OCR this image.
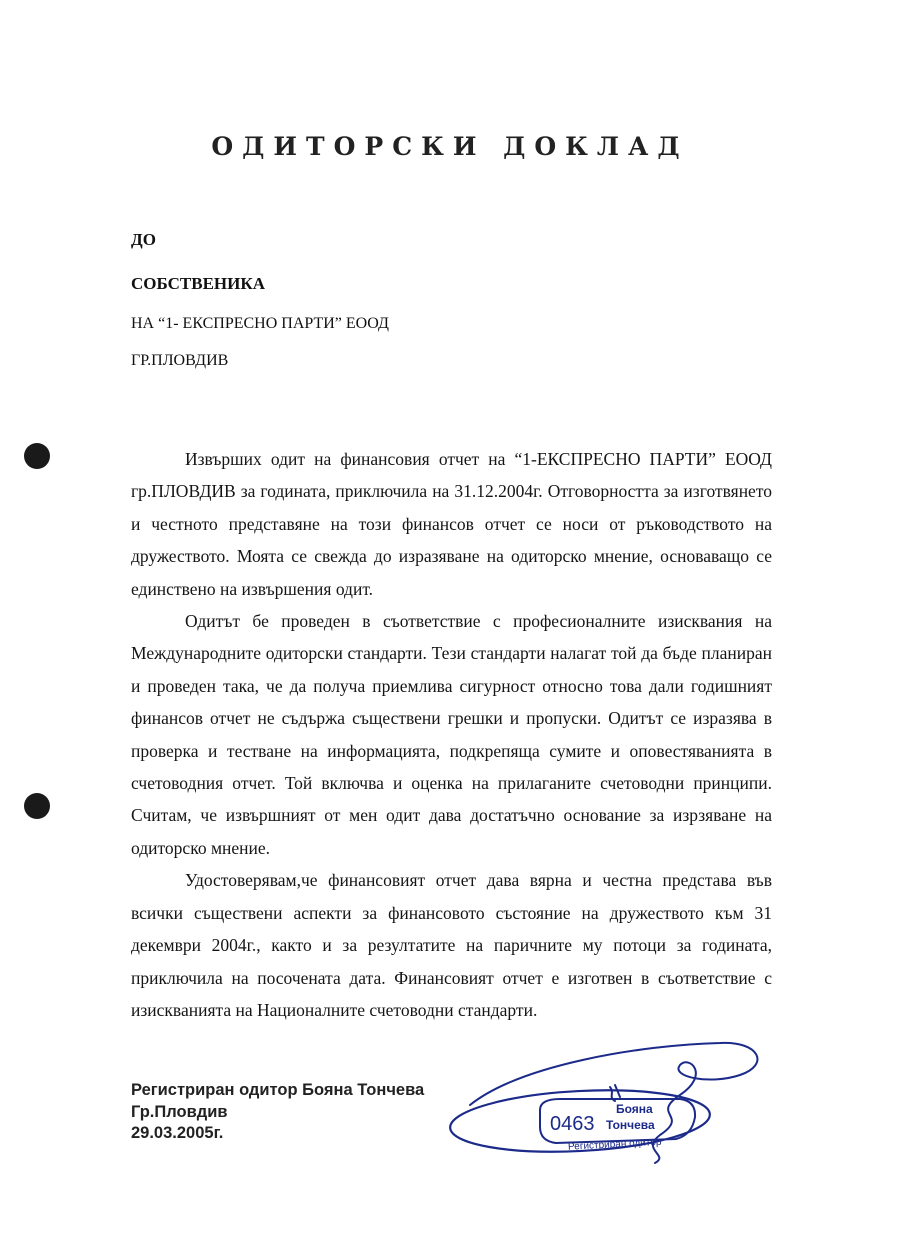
ОДИТОРСКИ ДОКЛАД
ДО
СОБСТВЕНИКА
НА “1- ЕКСПРЕСНО ПАРТИ” ЕООД
ГР.ПЛОВДИВ

Извърших одит на финансовия отчет на “1-ЕКСПРЕСНО ПАРТИ” ЕООД гр.ПЛОВДИВ за годината, приключила на 31.12.2004г. Отговорността за изготвянето и честното представяне на този финансов отчет се носи от ръководството на дружеството. Моята се свежда до изразяване на одиторско мнение, основаващо се единствено на извършения одит.

Одитът бе проведен в съответствие с професионалните изисквания на Международните одиторски стандарти. Тези стандарти налагат той да бъде планиран и проведен така, че да получа приемлива сигурност относно това дали годишният финансов отчет не съдържа съществени грешки и пропуски. Одитът се изразява в проверка и тестване на информацията, подкрепяща сумите и оповестяванията в счетоводния отчет. Той включва и оценка на прилаганите счетоводни принципи. Считам, че извършният от мен одит дава достатъчно основание за изрзяване на одиторско мнение.

Удостоверявам,че финансовият отчет дава вярна и честна представа във всички съществени аспекти за финансовото състояние на дружеството към 31 декември 2004г., както и за резултатите на паричните му потоци за годината, приключила на посочената дата. Финансовият отчет е изготвен в съответствие с изискванията на Националните счетоводни стандарти.

Регистриран одитор Бояна Тончева
Гр.Пловдив
29.03.2005г.	0463
Бояна
Тончева
Регистриран одитор
